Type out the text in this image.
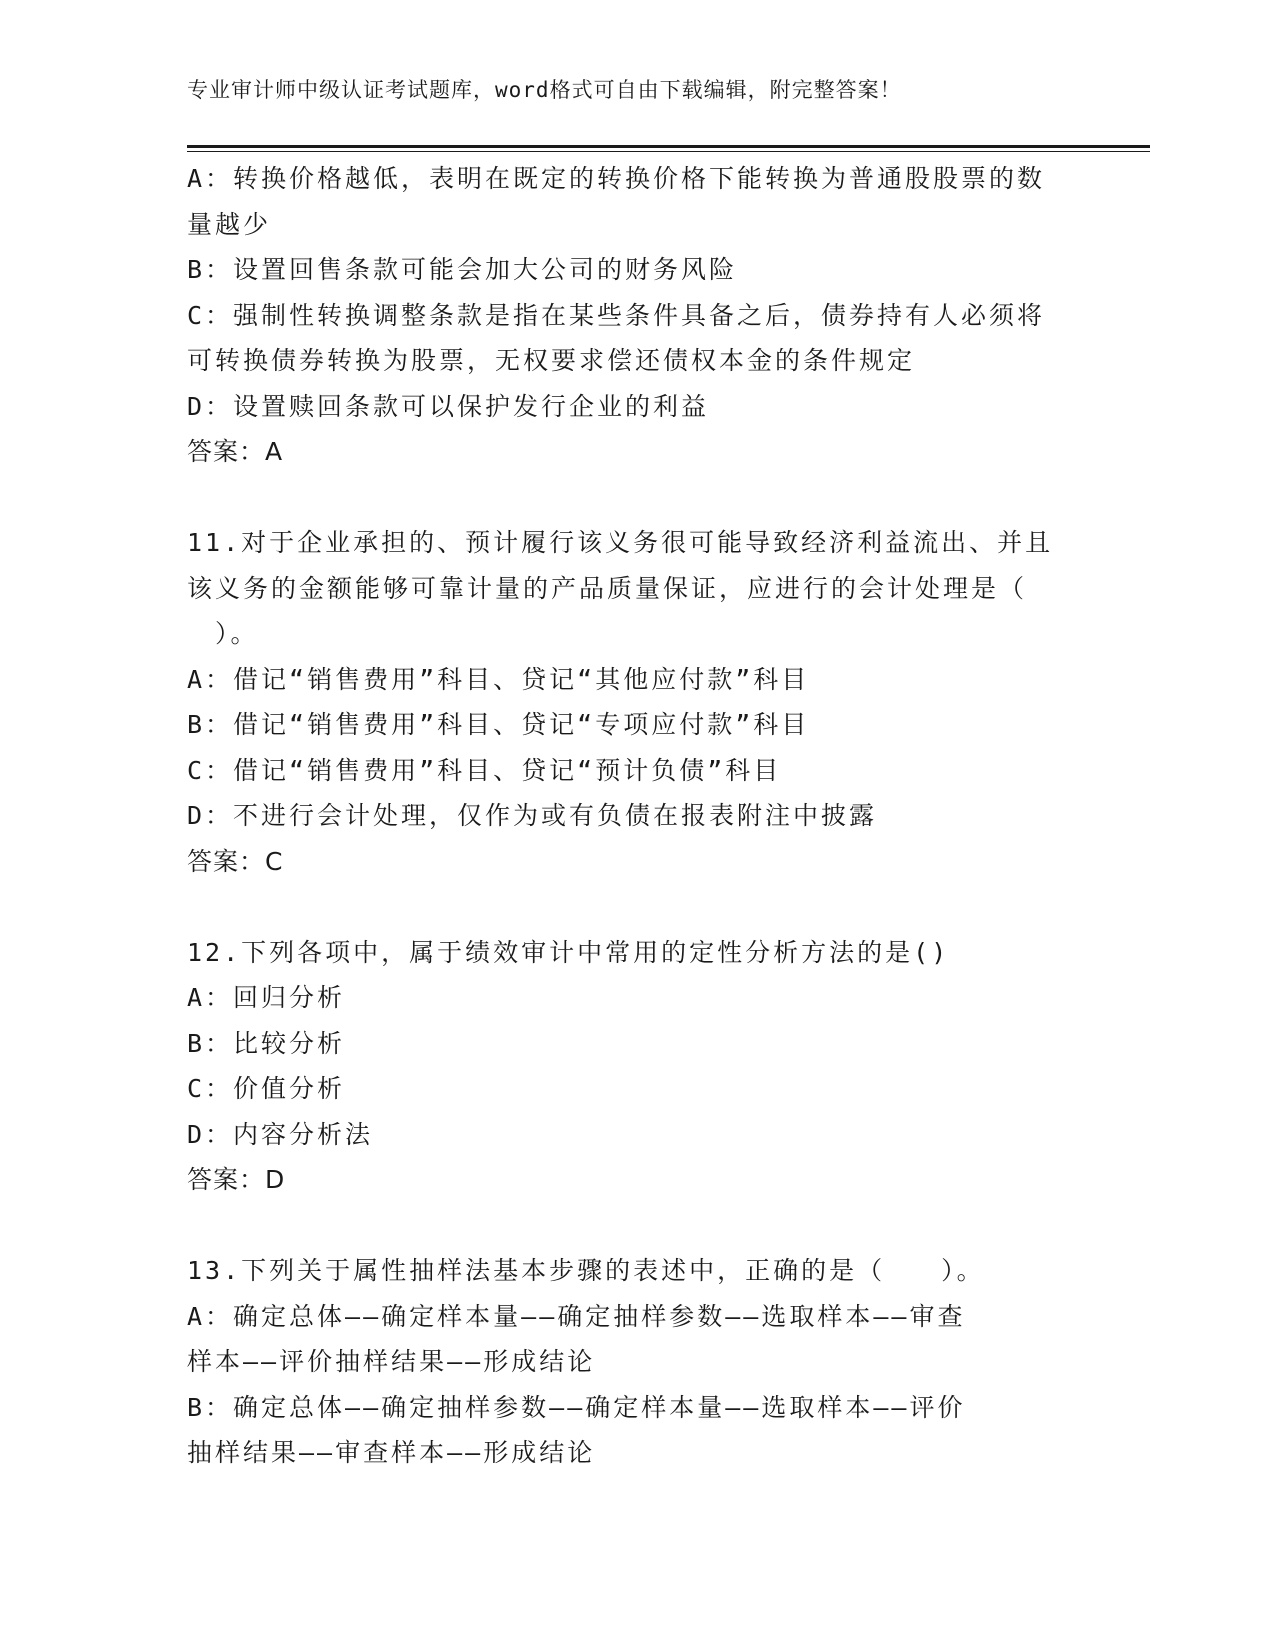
专业审计师中级认证考试题库，word格式可自由下载编辑，附完整答案！
A：转换价格越低，表明在既定的转换价格下能转换为普通股股票的数
量越少
B：设置回售条款可能会加大公司的财务风险
C：强制性转换调整条款是指在某些条件具备之后，债券持有人必须将
可转换债券转换为股票，无权要求偿还债权本金的条件规定
D：设置赎回条款可以保护发行企业的利益
答案：A
11.对于企业承担的、预计履行该义务很可能导致经济利益流出、并且
该义务的金额能够可靠计量的产品质量保证，应进行的会计处理是（
　）。
A：借记“销售费用”科目、贷记“其他应付款”科目
B：借记“销售费用”科目、贷记“专项应付款”科目
C：借记“销售费用”科目、贷记“预计负债”科目
D：不进行会计处理，仅作为或有负债在报表附注中披露
答案：C
12.下列各项中，属于绩效审计中常用的定性分析方法的是()
A：回归分析
B：比较分析
C：价值分析
D：内容分析法
答案：D
13.下列关于属性抽样法基本步骤的表述中，正确的是（　　）。
A：确定总体——确定样本量——确定抽样参数——选取样本——审查
样本——评价抽样结果——形成结论
B：确定总体——确定抽样参数——确定样本量——选取样本——评价
抽样结果——审查样本——形成结论
